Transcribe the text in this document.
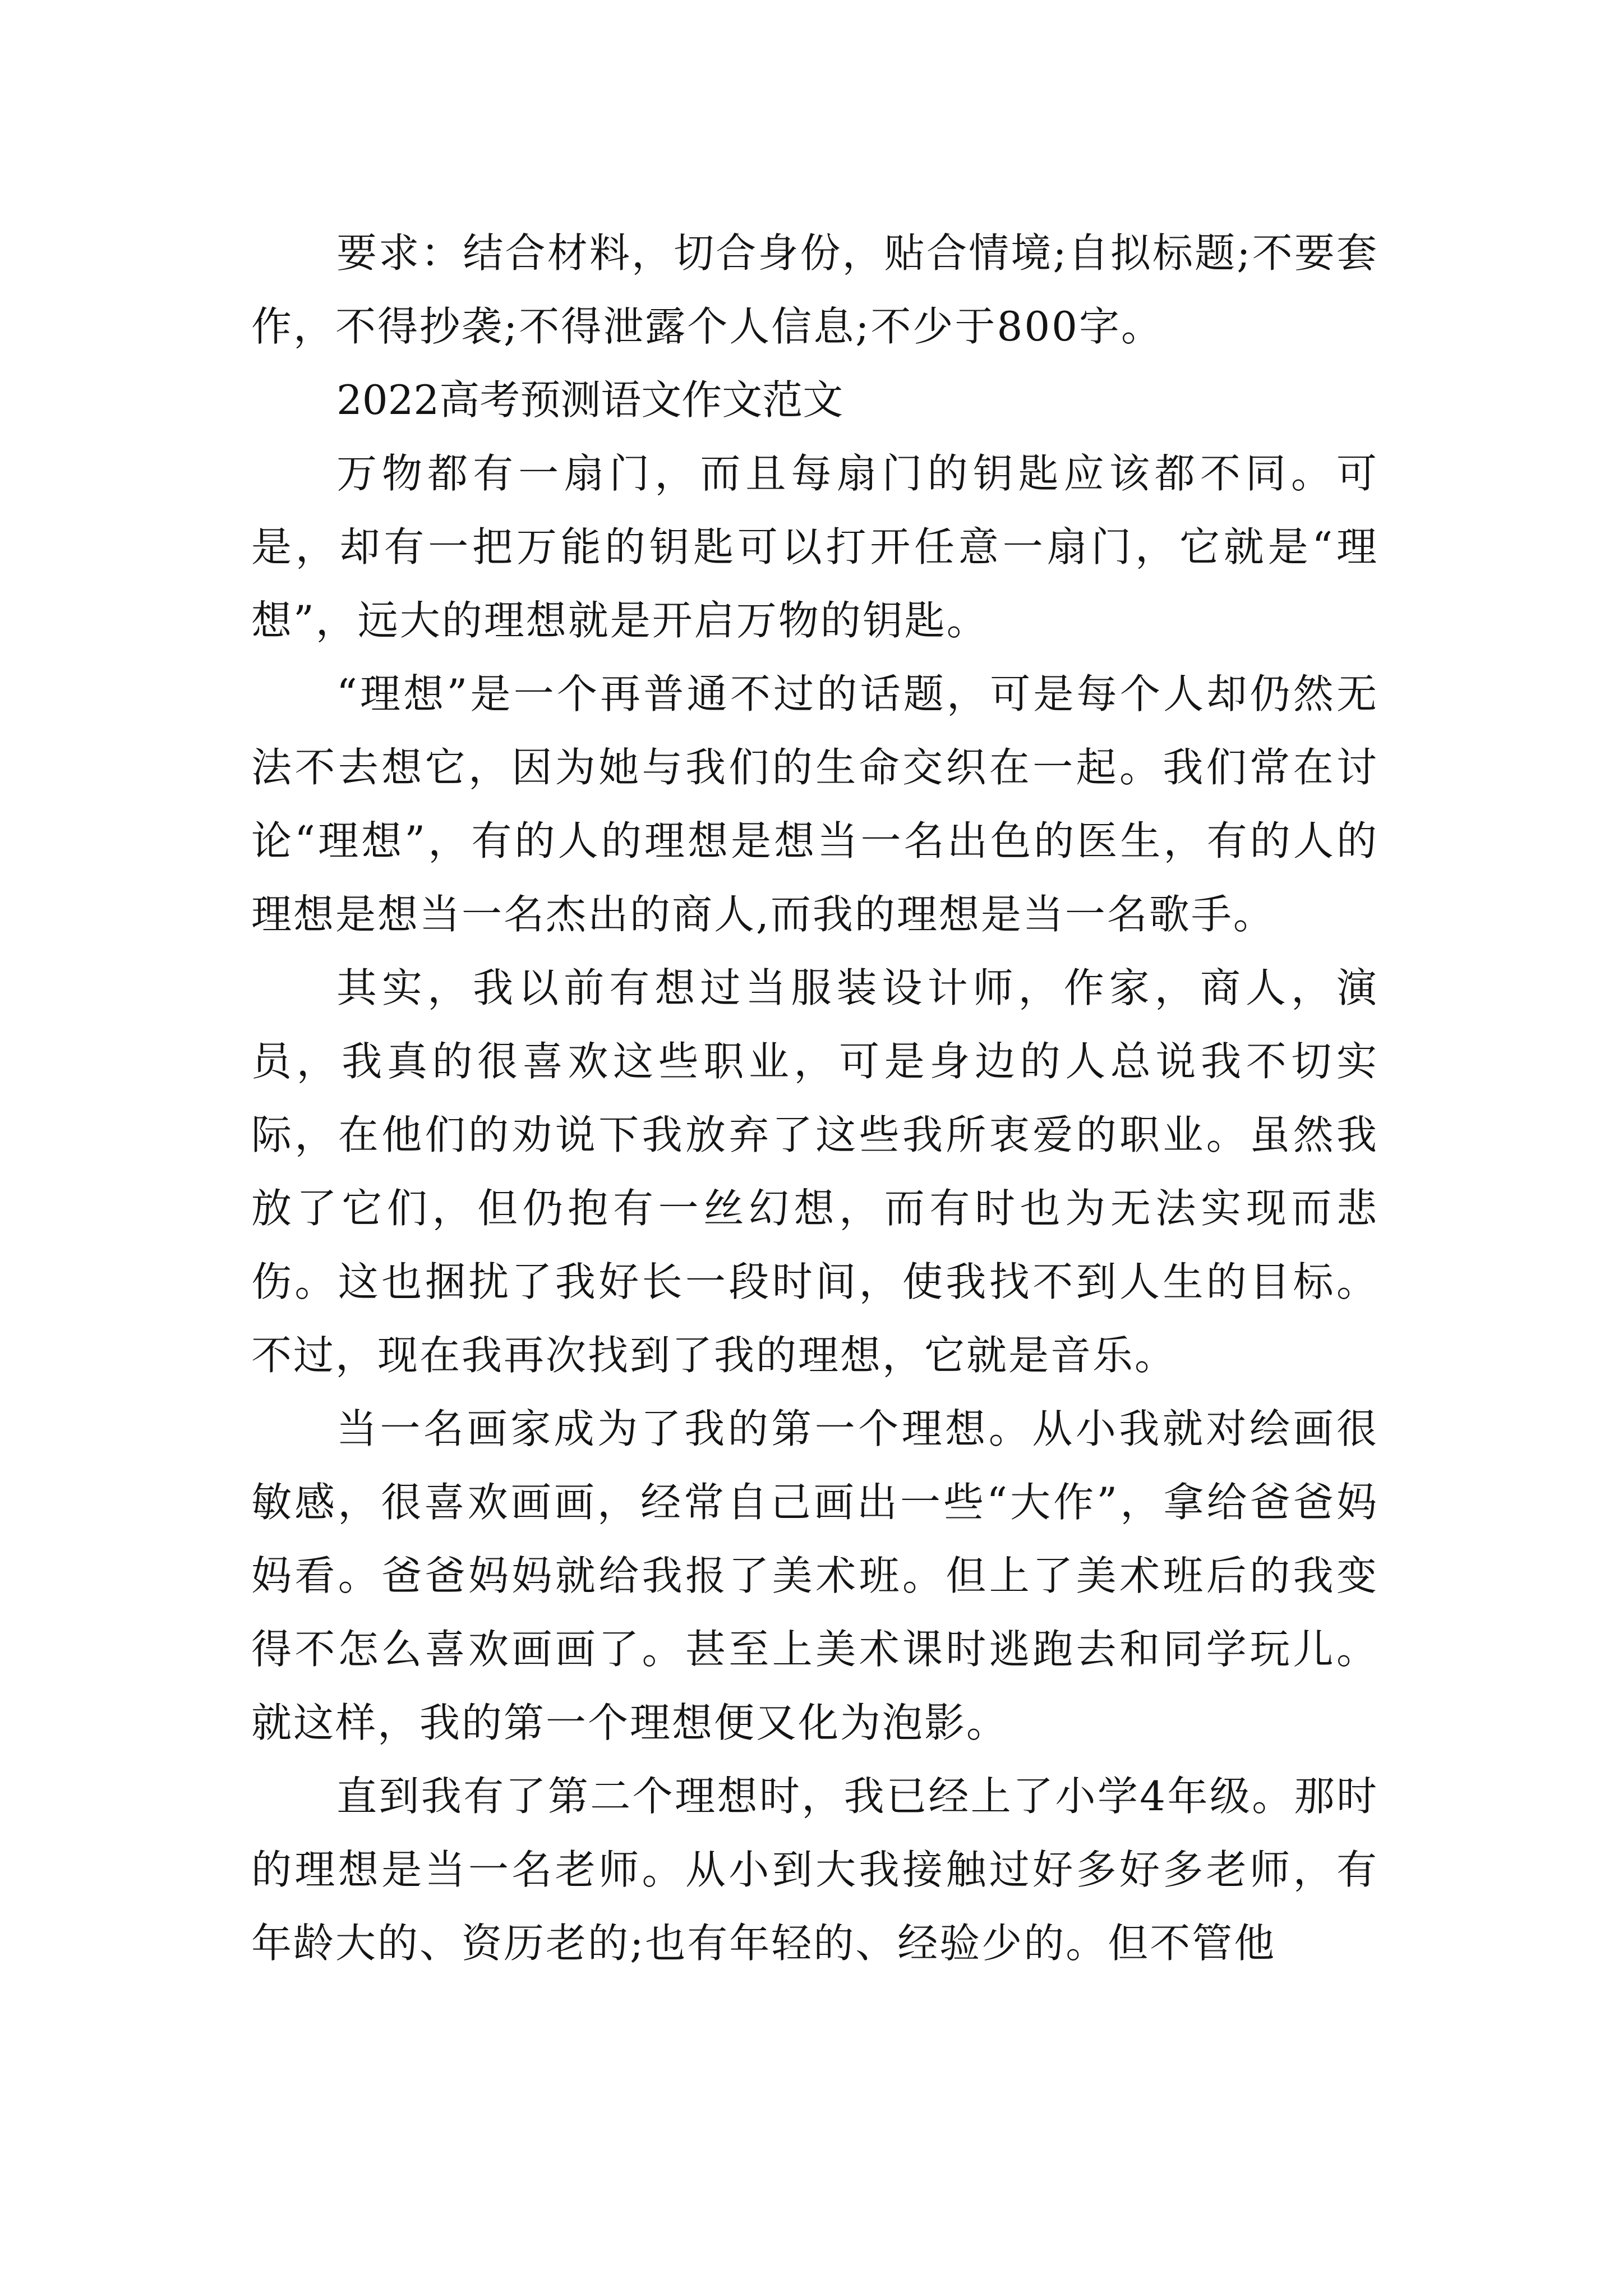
要求：结合材料，切合身份，贴合情境;自拟标题;不要套作，不得抄袭;不得泄露个人信息;不少于800字。

2022高考预测语文作文范文

万物都有一扇门，而且每扇门的钥匙应该都不同。可是，却有一把万能的钥匙可以打开任意一扇门，它就是“理想”，远大的理想就是开启万物的钥匙。

“理想”是一个再普通不过的话题，可是每个人却仍然无法不去想它，因为她与我们的生命交织在一起。我们常在讨论“理想”，有的人的理想是想当一名出色的医生，有的人的理想是想当一名杰出的商人,而我的理想是当一名歌手。

其实，我以前有想过当服装设计师，作家，商人，演员，我真的很喜欢这些职业，可是身边的人总说我不切实际，在他们的劝说下我放弃了这些我所衷爱的职业。虽然我放了它们，但仍抱有一丝幻想，而有时也为无法实现而悲伤。这也捆扰了我好长一段时间，使我找不到人生的目标。不过，现在我再次找到了我的理想，它就是音乐。

当一名画家成为了我的第一个理想。从小我就对绘画很敏感，很喜欢画画，经常自己画出一些“大作”，拿给爸爸妈妈看。爸爸妈妈就给我报了美术班。但上了美术班后的我变得不怎么喜欢画画了。甚至上美术课时逃跑去和同学玩儿。就这样，我的第一个理想便又化为泡影。

直到我有了第二个理想时，我已经上了小学4年级。那时的理想是当一名老师。从小到大我接触过好多好多老师，有年龄大的、资历老的;也有年轻的、经验少的。但不管他
